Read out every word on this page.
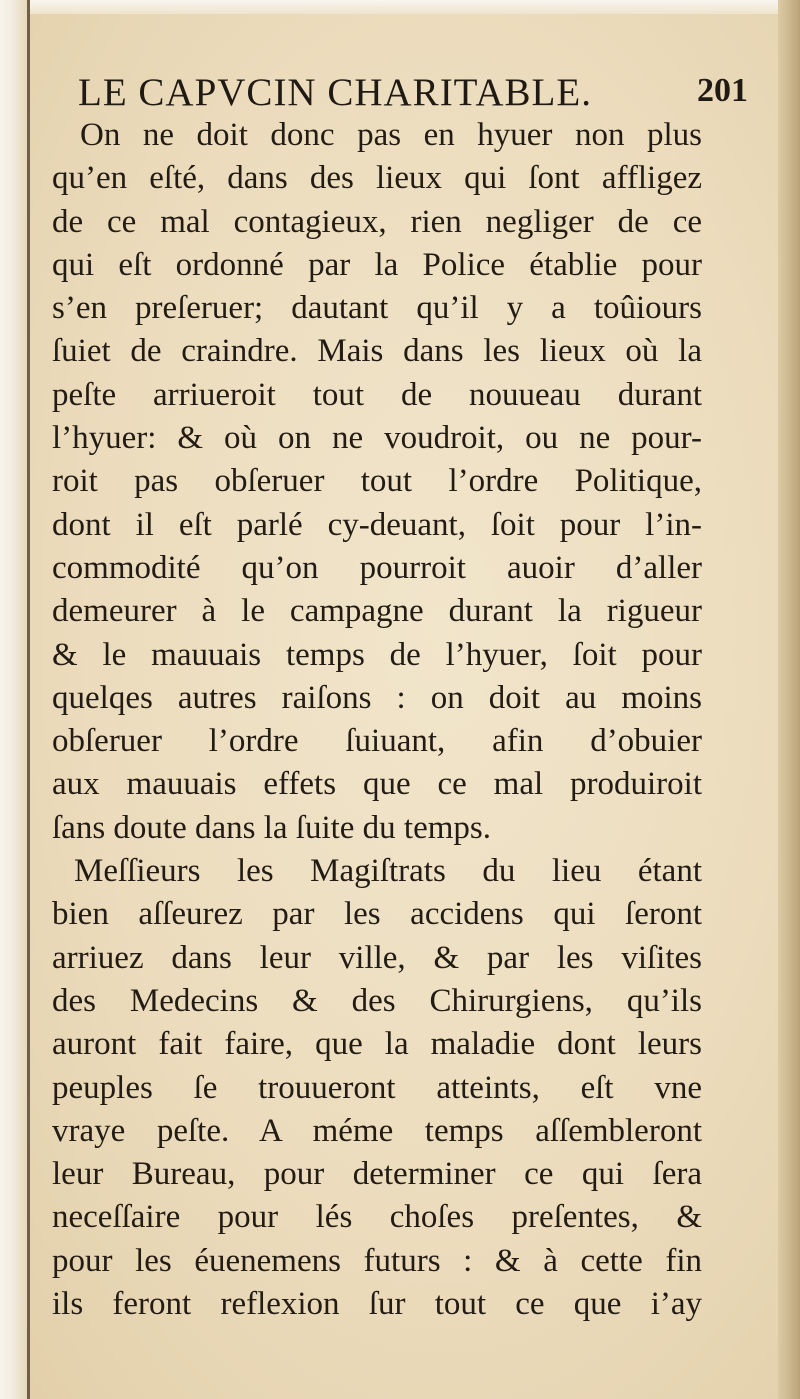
LE CAPVCIN CHARITABLE.	201
On ne doit donc pas en hyuer non plus
qu’en eſté, dans des lieux qui ſont affligez
de ce mal contagieux, rien negliger de ce
qui eſt ordonné par la Police établie pour
s’en preſeruer; dautant qu’il y a toûiours
ſuiet de craindre. Mais dans les lieux où la
peſte arriueroit tout de nouueau durant
l’hyuer: & où on ne voudroit, ou ne pour-
roit pas obſeruer tout l’ordre Politique,
dont il eſt parlé cy-deuant, ſoit pour l’in-
commodité qu’on pourroit auoir d’aller
demeurer à le campagne durant la rigueur
& le mauuais temps de l’hyuer, ſoit pour
quelqes autres raiſons : on doit au moins
obſeruer l’ordre ſuiuant, afin d’obuier
aux mauuais effets que ce mal produiroit
ſans doute dans la ſuite du temps.
Meſſieurs les Magiſtrats du lieu étant
bien aſſeurez par les accidens qui ſeront
arriuez dans leur ville, & par les viſites
des Medecins & des Chirurgiens, qu’ils
auront fait faire, que la maladie dont leurs
peuples ſe trouueront atteints, eſt vne
vraye peſte. A méme temps aſſembleront
leur Bureau, pour determiner ce qui ſera
neceſſaire pour lés choſes preſentes, &
pour les éuenemens futurs : & à cette fin
ils feront reflexion ſur tout ce que i’ay
